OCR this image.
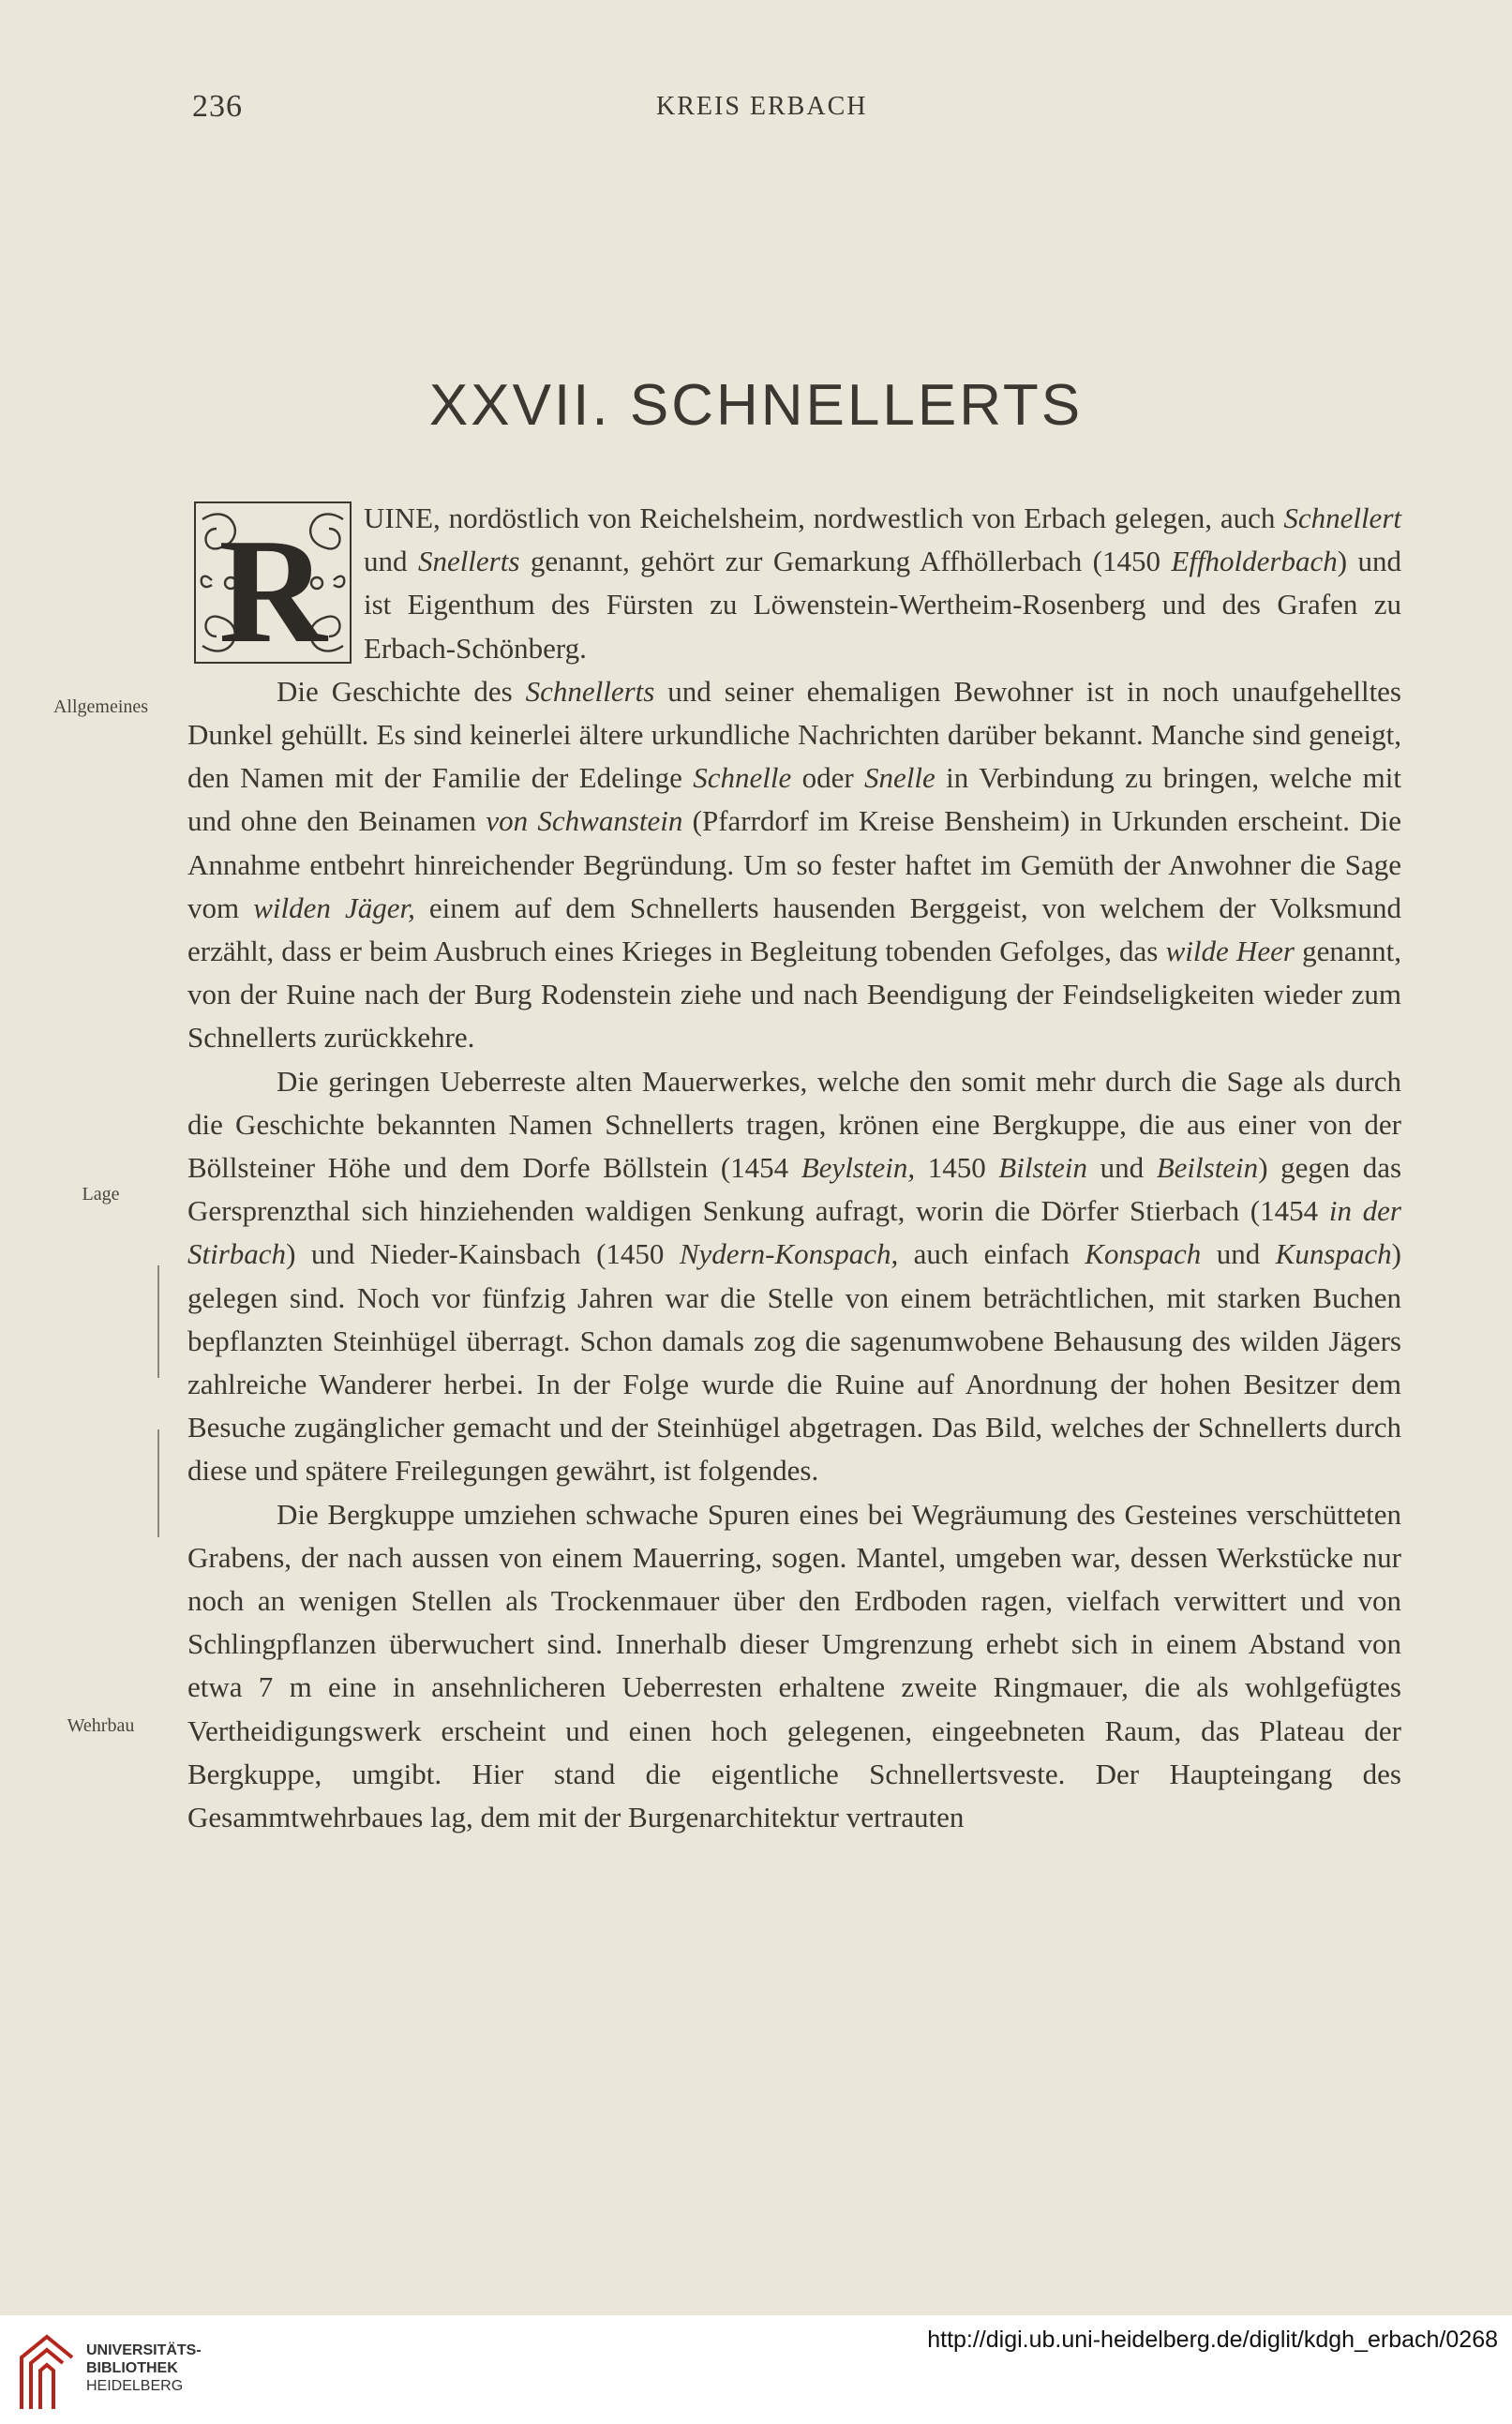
236	KREIS ERBACH
XXVII. SCHNELLERTS
Allgemeines
Lage
Wehrbau

R UINE, nordöstlich von Reichelsheim, nordwestlich von Erbach gelegen, auch Schnellert und Snellerts genannt, gehört zur Gemarkung Affhöllerbach (1450 Effholderbach) und ist Eigenthum des Fürsten zu Löwenstein-Wertheim-Rosenberg und des Grafen zu Erbach-Schönberg.

Die Geschichte des Schnellerts und seiner ehemaligen Bewohner ist in noch unaufgehelltes Dunkel gehüllt. Es sind keinerlei ältere urkundliche Nachrichten darüber bekannt. Manche sind geneigt, den Namen mit der Familie der Edelinge Schnelle oder Snelle in Verbindung zu bringen, welche mit und ohne den Beinamen von Schwanstein (Pfarrdorf im Kreise Bensheim) in Urkunden erscheint. Die Annahme entbehrt hinreichender Begründung. Um so fester haftet im Gemüth der Anwohner die Sage vom wilden Jäger, einem auf dem Schnellerts hausenden Berggeist, von welchem der Volksmund erzählt, dass er beim Ausbruch eines Krieges in Begleitung tobenden Gefolges, das wilde Heer genannt, von der Ruine nach der Burg Rodenstein ziehe und nach Beendigung der Feindseligkeiten wieder zum Schnellerts zurückkehre.

Die geringen Ueberreste alten Mauerwerkes, welche den somit mehr durch die Sage als durch die Geschichte bekannten Namen Schnellerts tragen, krönen eine Bergkuppe, die aus einer von der Böllsteiner Höhe und dem Dorfe Böllstein (1454 Beylstein, 1450 Bilstein und Beilstein) gegen das Gersprenzthal sich hinziehenden waldigen Senkung aufragt, worin die Dörfer Stierbach (1454 in der Stirbach) und Nieder-Kainsbach (1450 Nydern-Konspach, auch einfach Konspach und Kunspach) gelegen sind. Noch vor fünfzig Jahren war die Stelle von einem beträchtlichen, mit starken Buchen bepflanzten Steinhügel überragt. Schon damals zog die sagenumwobene Behausung des wilden Jägers zahlreiche Wanderer herbei. In der Folge wurde die Ruine auf Anordnung der hohen Besitzer dem Besuche zugänglicher gemacht und der Steinhügel abgetragen. Das Bild, welches der Schnellerts durch diese und spätere Freilegungen gewährt, ist folgendes.

Die Bergkuppe umziehen schwache Spuren eines bei Wegräumung des Gesteines verschütteten Grabens, der nach aussen von einem Mauerring, sogen. Mantel, umgeben war, dessen Werkstücke nur noch an wenigen Stellen als Trockenmauer über den Erdboden ragen, vielfach verwittert und von Schlingpflanzen überwuchert sind. Innerhalb dieser Umgrenzung erhebt sich in einem Abstand von etwa 7 m eine in ansehnlicheren Ueberresten erhaltene zweite Ringmauer, die als wohlgefügtes Vertheidigungswerk erscheint und einen hoch gelegenen, eingeebneten Raum, das Plateau der Bergkuppe, umgibt. Hier stand die eigentliche Schnellertsveste. Der Haupteingang des Gesammtwehrbaues lag, dem mit der Burgenarchitektur vertrauten

UNIVERSITÄTS-
BIBLIOTHEK
HEIDELBERG
http://digi.ub.uni-heidelberg.de/diglit/kdgh_erbach/0268
